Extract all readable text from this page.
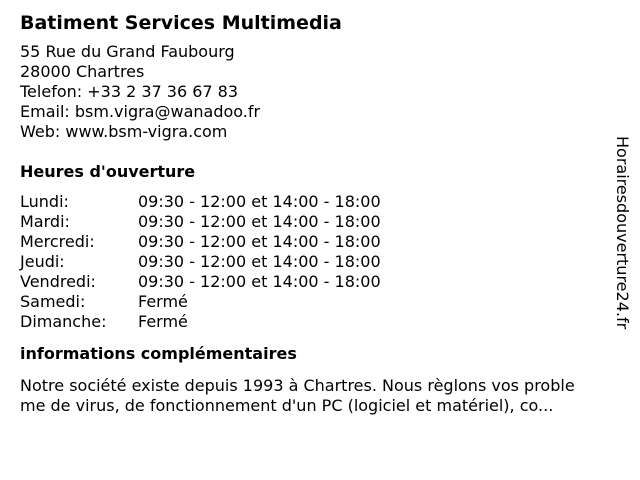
Batiment Services Multimedia
55 Rue du Grand Faubourg
28000 Chartres
Telefon: +33 2 37 36 67 83
Email: bsm.vigra@wanadoo.fr
Web: www.bsm-vigra.com
Heures d'ouverture
Lundi:	09:30 - 12:00 et 14:00 - 18:00
Mardi:	09:30 - 12:00 et 14:00 - 18:00
Mercredi:	09:30 - 12:00 et 14:00 - 18:00
Jeudi:	09:30 - 12:00 et 14:00 - 18:00
Vendredi:	09:30 - 12:00 et 14:00 - 18:00
Samedi:	Fermé
Dimanche:	Fermé
informations complémentaires
Notre société existe depuis 1993 à Chartres. Nous règlons vos proble
me de virus, de fonctionnement d'un PC (logiciel et matériel), co...
Horairesdouverture24.fr
